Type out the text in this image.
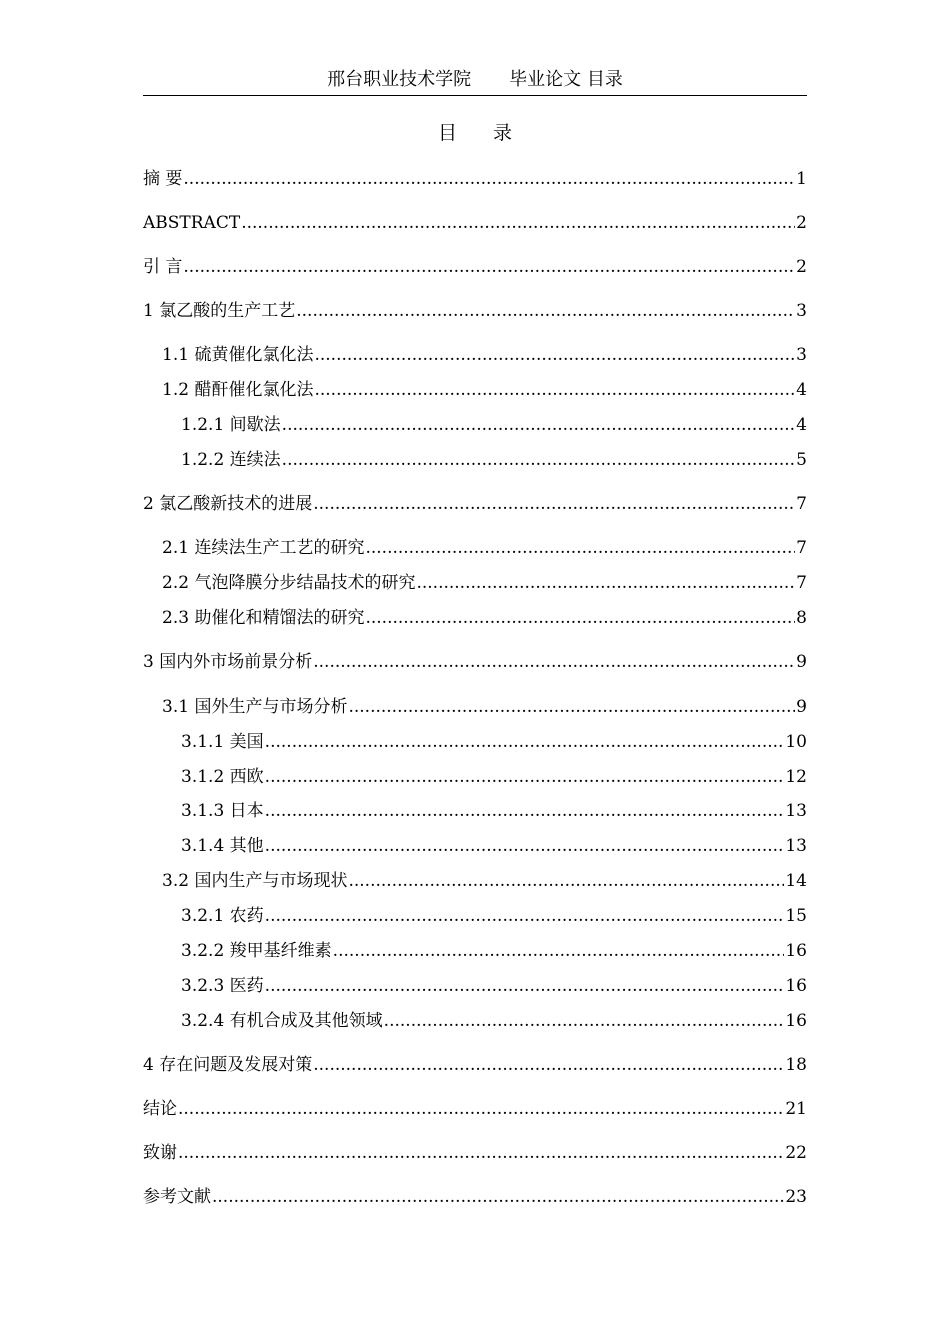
邢台职业技术学院 毕业论文 目录
目 录
摘 要 .....	1
ABSTRACT .....	2
引 言 .....	2
1 氯乙酸的生产工艺 .....	3
1.1 硫黄催化氯化法 .....	3
1.2 醋酐催化氯化法 .....	4
1.2.1 间歇法 .....	4
1.2.2 连续法 .....	5
2 氯乙酸新技术的进展 .....	7
2.1 连续法生产工艺的研究 .....	7
2.2 气泡降膜分步结晶技术的研究 .....	7
2.3 助催化和精馏法的研究 .....	8
3 国内外市场前景分析 .....	9
3.1 国外生产与市场分析 .....	9
3.1.1 美国 .....	10
3.1.2 西欧 .....	12
3.1.3 日本 .....	13
3.1.4 其他 .....	13
3.2 国内生产与市场现状 .....	14
3.2.1 农药 .....	15
3.2.2 羧甲基纤维素 .....	16
3.2.3 医药 .....	16
3.2.4 有机合成及其他领域 .....	16
4 存在问题及发展对策 .....	18
结论 .....	21
致谢 .....	22
参考文献 .....	23
